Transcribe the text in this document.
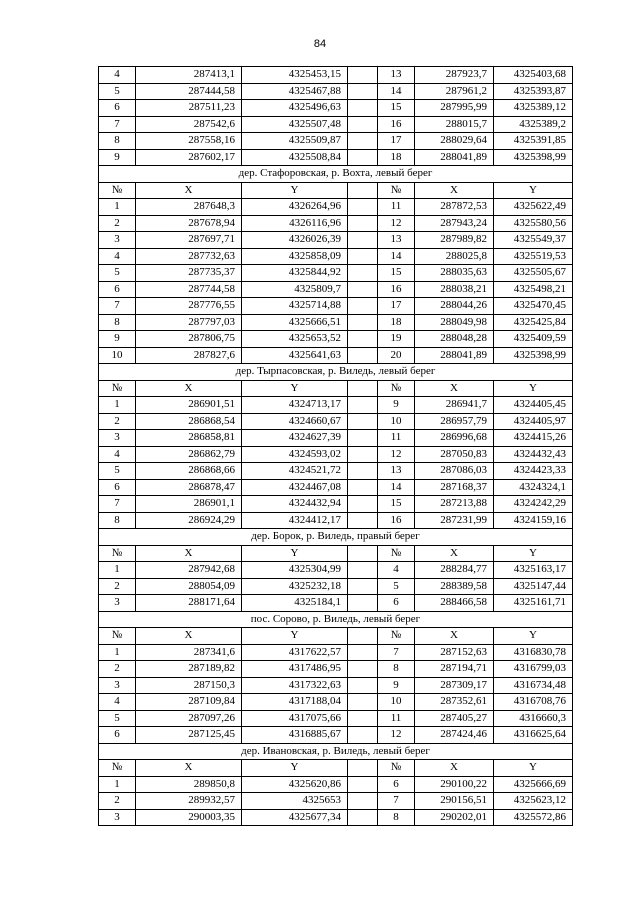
84
4	287413,1	4325453,15		13	287923,7	4325403,68
5	287444,58	4325467,88		14	287961,2	4325393,87
6	287511,23	4325496,63		15	287995,99	4325389,12
7	287542,6	4325507,48		16	288015,7	4325389,2
8	287558,16	4325509,87		17	288029,64	4325391,85
9	287602,17	4325508,84		18	288041,89	4325398,99
дер. Стафоровская, р. Вохта, левый берег						
№	X	Y		№	X	Y
1	287648,3	4326264,96		11	287872,53	4325622,49
2	287678,94	4326116,96		12	287943,24	4325580,56
3	287697,71	4326026,39		13	287989,82	4325549,37
4	287732,63	4325858,09		14	288025,8	4325519,53
5	287735,37	4325844,92		15	288035,63	4325505,67
6	287744,58	4325809,7		16	288038,21	4325498,21
7	287776,55	4325714,88		17	288044,26	4325470,45
8	287797,03	4325666,51		18	288049,98	4325425,84
9	287806,75	4325653,52		19	288048,28	4325409,59
10	287827,6	4325641,63		20	288041,89	4325398,99
дер. Тырпасовская, р. Виледь, левый берег						
№	X	Y		№	X	Y
1	286901,51	4324713,17		9	286941,7	4324405,45
2	286868,54	4324660,67		10	286957,79	4324405,97
3	286858,81	4324627,39		11	286996,68	4324415,26
4	286862,79	4324593,02		12	287050,83	4324432,43
5	286868,66	4324521,72		13	287086,03	4324423,33
6	286878,47	4324467,08		14	287168,37	4324324,1
7	286901,1	4324432,94		15	287213,88	4324242,29
8	286924,29	4324412,17		16	287231,99	4324159,16
дер. Борок, р. Виледь, правый берег						
№	X	Y		№	X	Y
1	287942,68	4325304,99		4	288284,77	4325163,17
2	288054,09	4325232,18		5	288389,58	4325147,44
3	288171,64	4325184,1		6	288466,58	4325161,71
пос. Сорово, р. Виледь, левый берег						
№	X	Y		№	X	Y
1	287341,6	4317622,57		7	287152,63	4316830,78
2	287189,82	4317486,95		8	287194,71	4316799,03
3	287150,3	4317322,63		9	287309,17	4316734,48
4	287109,84	4317188,04		10	287352,61	4316708,76
5	287097,26	4317075,66		11	287405,27	4316660,3
6	287125,45	4316885,67		12	287424,46	4316625,64
дер. Ивановская, р. Виледь, левый берег						
№	X	Y		№	X	Y
1	289850,8	4325620,86		6	290100,22	4325666,69
2	289932,57	4325653		7	290156,51	4325623,12
3	290003,35	4325677,34		8	290202,01	4325572,86
